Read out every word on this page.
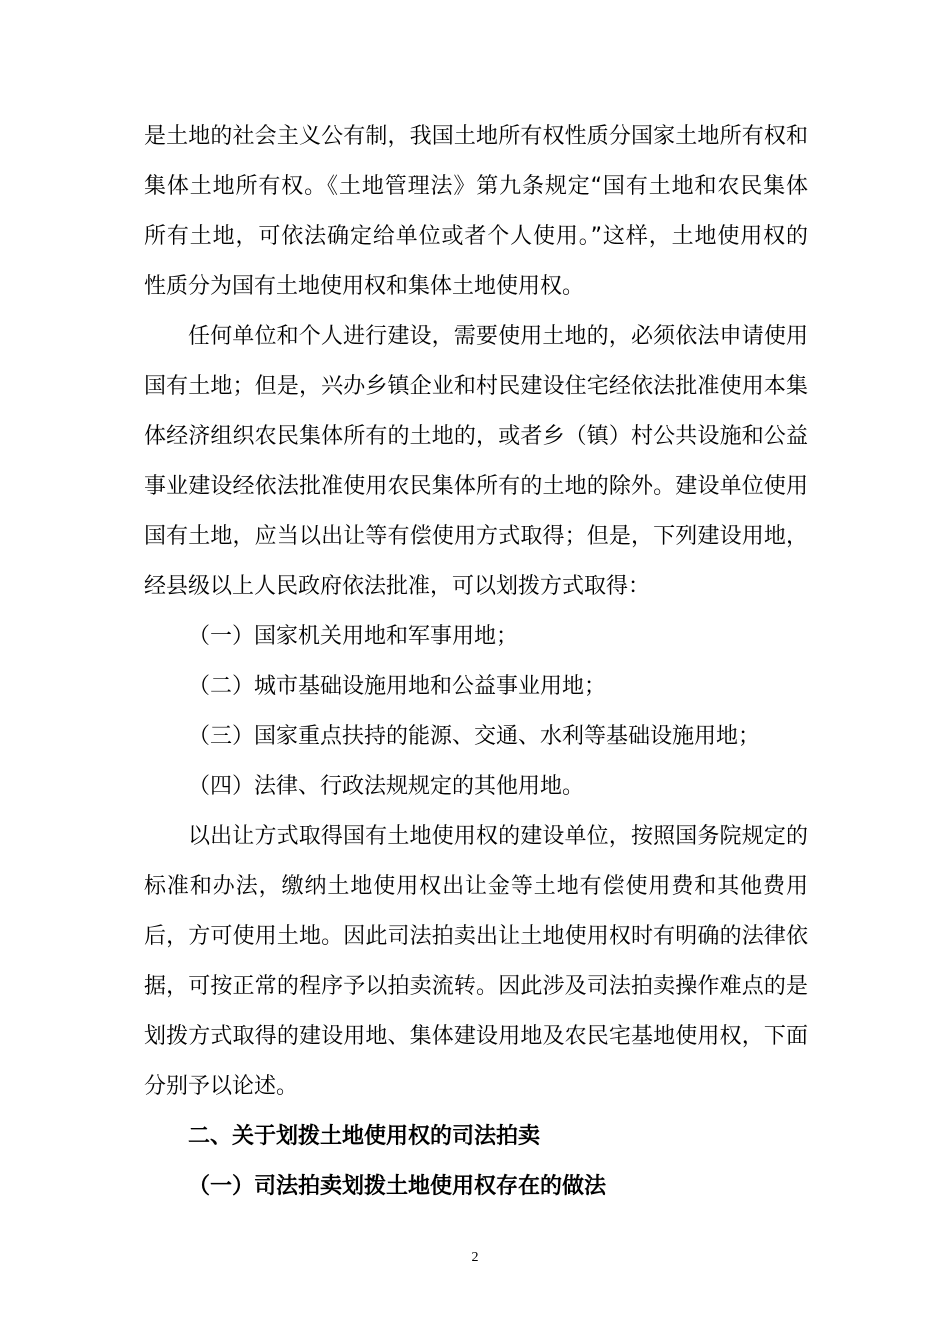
是土地的社会主义公有制，我国土地所有权性质分国家土地所有权和
集体土地所有权。《土地管理法》第九条规定“国有土地和农民集体
所有土地，可依法确定给单位或者个人使用。”这样，土地使用权的
性质分为国有土地使用权和集体土地使用权。
任何单位和个人进行建设，需要使用土地的，必须依法申请使用
国有土地；但是，兴办乡镇企业和村民建设住宅经依法批准使用本集
体经济组织农民集体所有的土地的，或者乡（镇）村公共设施和公益
事业建设经依法批准使用农民集体所有的土地的除外。建设单位使用
国有土地，应当以出让等有偿使用方式取得；但是，下列建设用地，
经县级以上人民政府依法批准，可以划拨方式取得：
（一）国家机关用地和军事用地；
（二）城市基础设施用地和公益事业用地；
（三）国家重点扶持的能源、交通、水利等基础设施用地；
（四）法律、行政法规规定的其他用地。
以出让方式取得国有土地使用权的建设单位，按照国务院规定的
标准和办法，缴纳土地使用权出让金等土地有偿使用费和其他费用
后，方可使用土地。因此司法拍卖出让土地使用权时有明确的法律依
据，可按正常的程序予以拍卖流转。因此涉及司法拍卖操作难点的是
划拨方式取得的建设用地、集体建设用地及农民宅基地使用权，下面
分别予以论述。
二、关于划拨土地使用权的司法拍卖
（一）司法拍卖划拨土地使用权存在的做法
2
